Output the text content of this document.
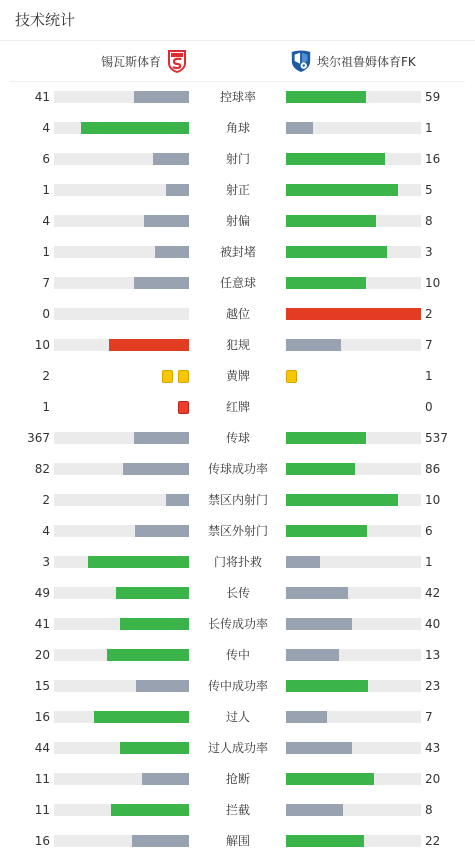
技术统计
锡瓦斯体育	埃尔祖鲁姆体育FK
41	控球率	59
4	角球	1
6	射门	16
1	射正	5
4	射偏	8
1	被封堵	3
7	任意球	10
0	越位	2
10	犯规	7
2	黄牌	1
1	红牌	0
367	传球	537
82	传球成功率	86
2	禁区内射门	10
4	禁区外射门	6
3	门将扑救	1
49	长传	42
41	长传成功率	40
20	传中	13
15	传中成功率	23
16	过人	7
44	过人成功率	43
11	抢断	20
11	拦截	8
16	解围	22
